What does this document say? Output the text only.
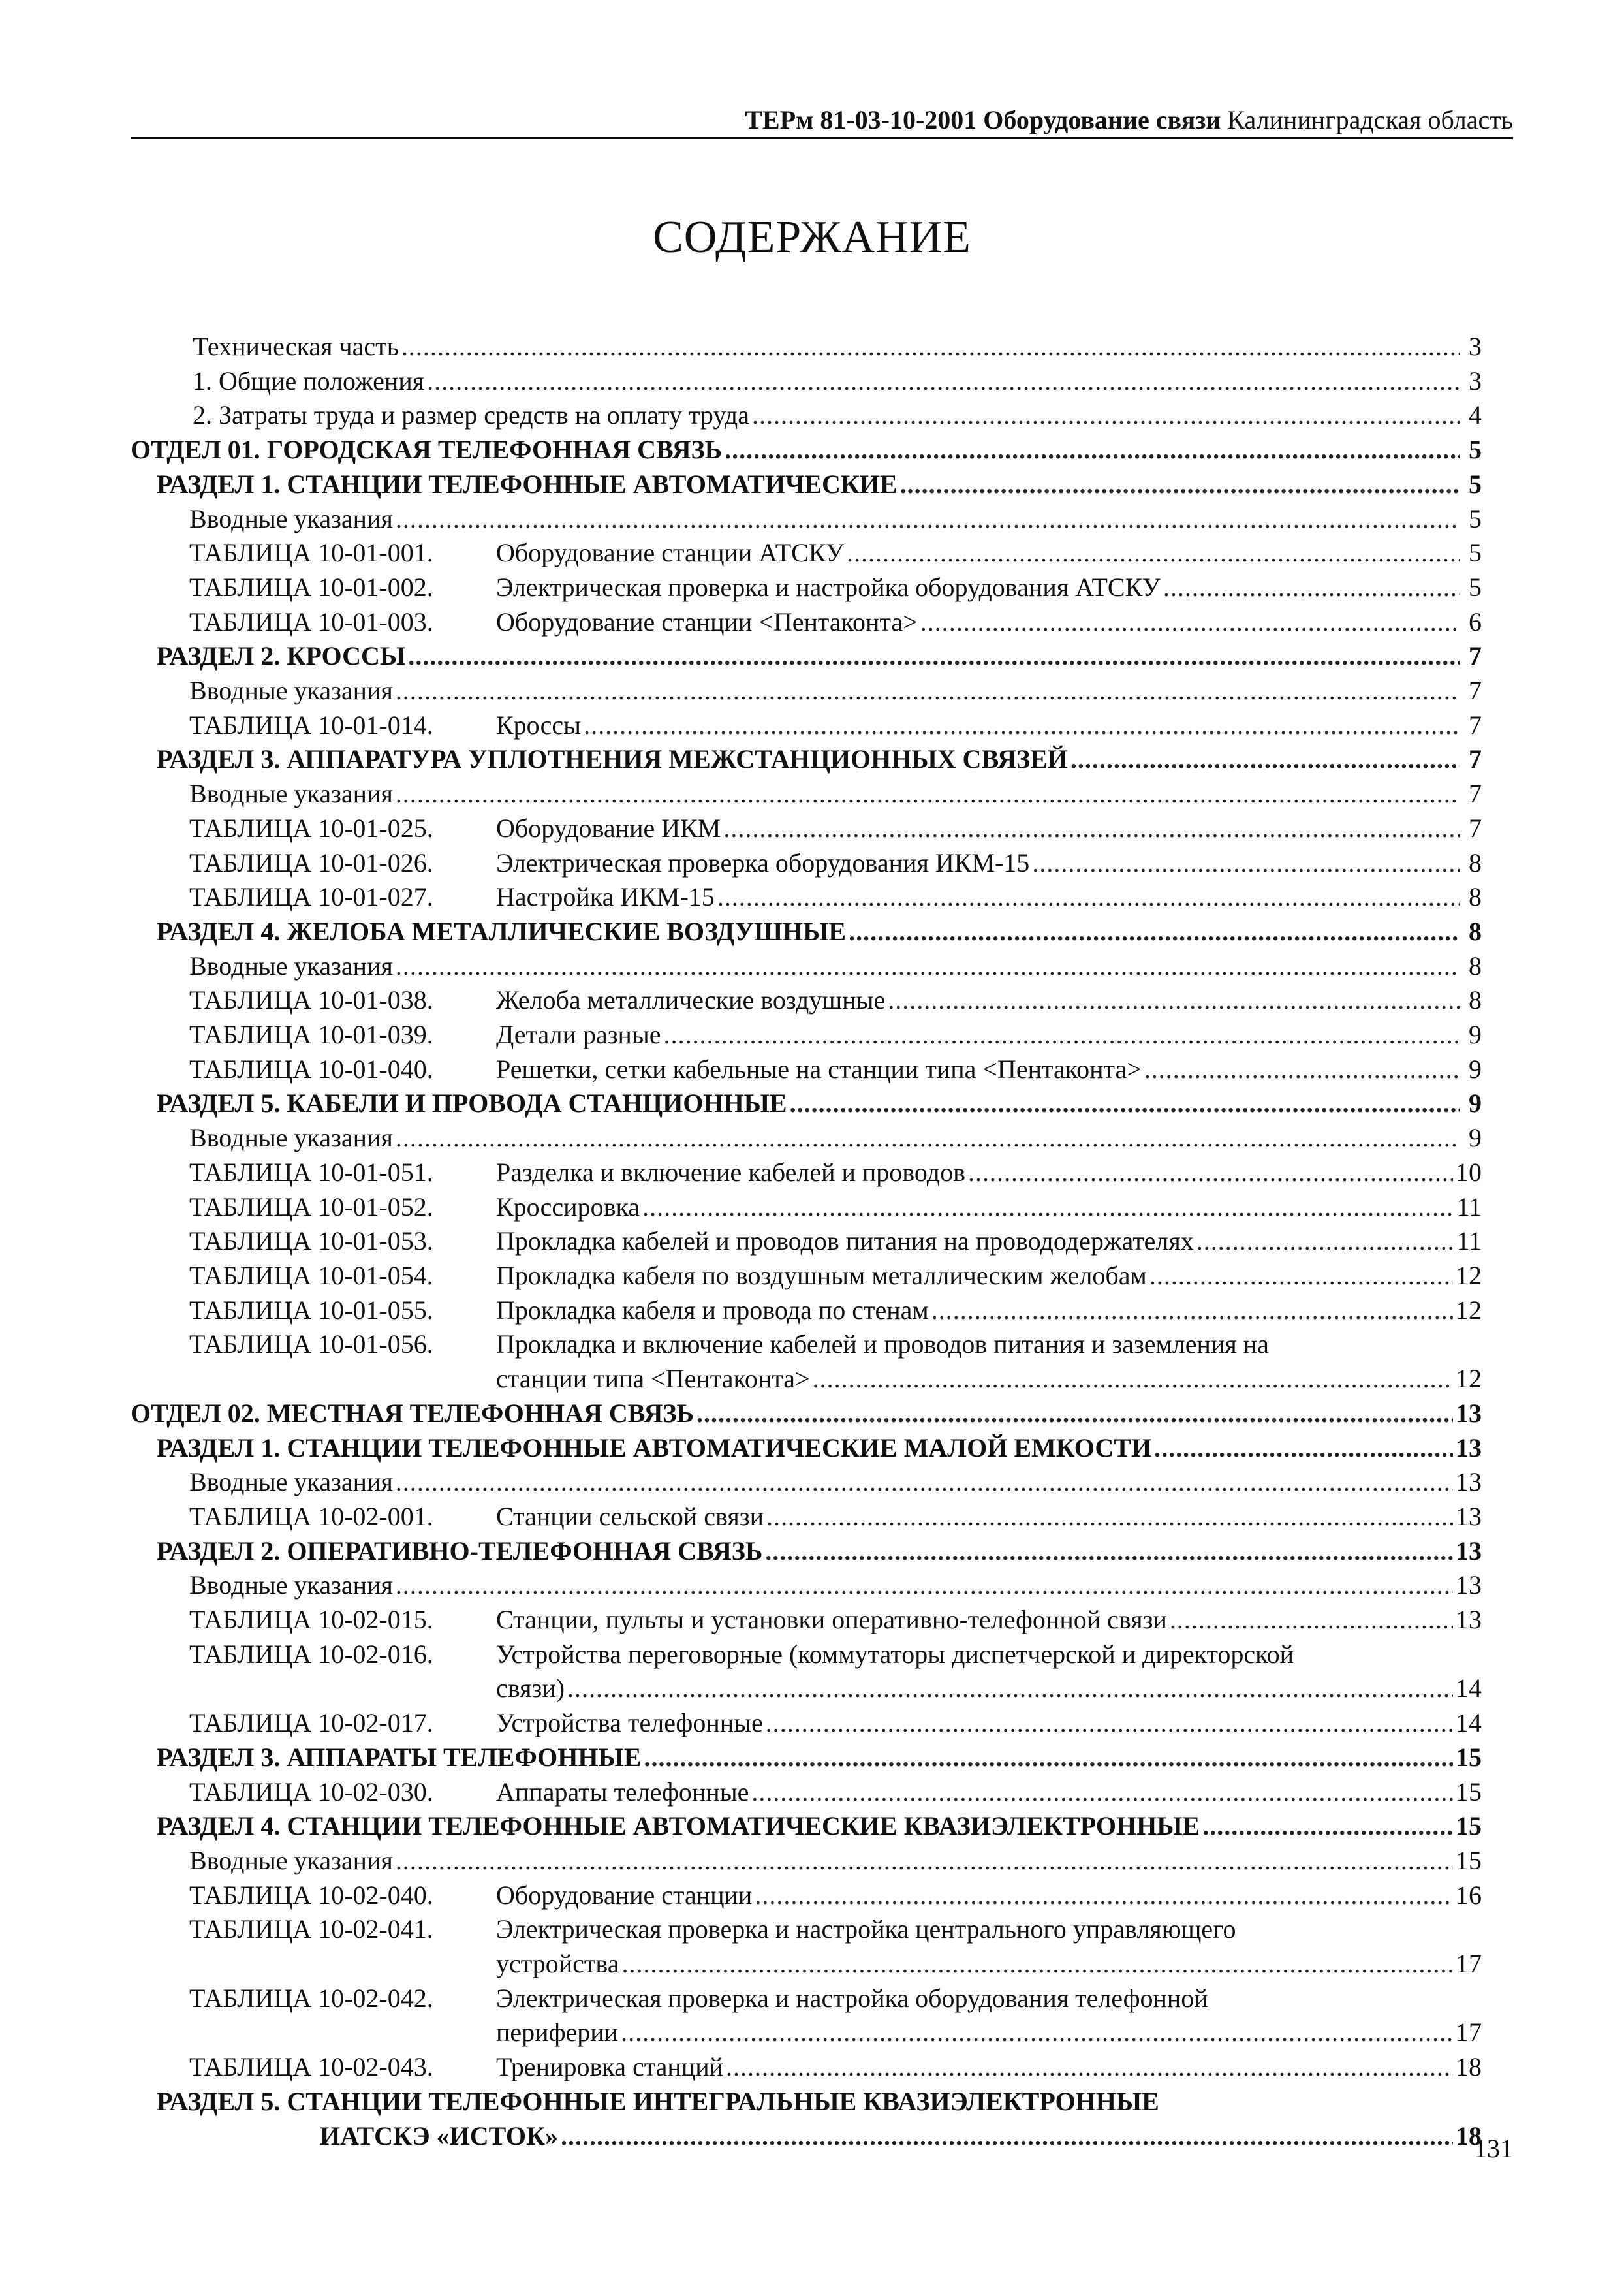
ТЕРм 81-03-10-2001 Оборудование связи Калининградская область
СОДЕРЖАНИЕ
Техническая часть .....	3
1. Общие положения .....	3
2. Затраты труда и размер средств на оплату труда .....	4
ОТДЕЛ 01. ГОРОДСКАЯ ТЕЛЕФОННАЯ СВЯЗЬ .....	5
РАЗДЕЛ 1. СТАНЦИИ ТЕЛЕФОННЫЕ АВТОМАТИЧЕСКИЕ .....	5
Вводные указания .....	5
ТАБЛИЦА 10-01-001.	Оборудование станции АТСКУ .....	5
ТАБЛИЦА 10-01-002.	Электрическая проверка и настройка оборудования АТСКУ .....	5
ТАБЛИЦА 10-01-003.	Оборудование станции <Пентаконта> .....	6
РАЗДЕЛ 2. КРОССЫ .....	7
Вводные указания .....	7
ТАБЛИЦА 10-01-014.	Кроссы .....	7
РАЗДЕЛ 3. АППАРАТУРА УПЛОТНЕНИЯ МЕЖСТАНЦИОННЫХ СВЯЗЕЙ .....	7
Вводные указания .....	7
ТАБЛИЦА 10-01-025.	Оборудование ИКМ .....	7
ТАБЛИЦА 10-01-026.	Электрическая проверка оборудования ИКМ-15 .....	8
ТАБЛИЦА 10-01-027.	Настройка ИКМ-15 .....	8
РАЗДЕЛ 4. ЖЕЛОБА МЕТАЛЛИЧЕСКИЕ ВОЗДУШНЫЕ .....	8
Вводные указания .....	8
ТАБЛИЦА 10-01-038.	Желоба металлические воздушные .....	8
ТАБЛИЦА 10-01-039.	Детали разные .....	9
ТАБЛИЦА 10-01-040.	Решетки, сетки кабельные на станции типа <Пентаконта> .....	9
РАЗДЕЛ 5. КАБЕЛИ И ПРОВОДА СТАНЦИОННЫЕ .....	9
Вводные указания .....	9
ТАБЛИЦА 10-01-051.	Разделка и включение кабелей и проводов .....	10
ТАБЛИЦА 10-01-052.	Кроссировка .....	11
ТАБЛИЦА 10-01-053.	Прокладка кабелей и проводов питания на провододержателях .....	11
ТАБЛИЦА 10-01-054.	Прокладка кабеля по воздушным металлическим желобам .....	12
ТАБЛИЦА 10-01-055.	Прокладка кабеля и провода по стенам .....	12
ТАБЛИЦА 10-01-056.	Прокладка и включение кабелей и проводов питания и заземления на
станции типа <Пентаконта> .....	12
ОТДЕЛ 02. МЕСТНАЯ ТЕЛЕФОННАЯ СВЯЗЬ .....	13
РАЗДЕЛ 1. СТАНЦИИ ТЕЛЕФОННЫЕ АВТОМАТИЧЕСКИЕ МАЛОЙ ЕМКОСТИ .....	13
Вводные указания .....	13
ТАБЛИЦА 10-02-001.	Станции сельской связи .....	13
РАЗДЕЛ 2. ОПЕРАТИВНО-ТЕЛЕФОННАЯ СВЯЗЬ .....	13
Вводные указания .....	13
ТАБЛИЦА 10-02-015.	Станции, пульты и установки оперативно-телефонной связи .....	13
ТАБЛИЦА 10-02-016.	Устройства переговорные (коммутаторы диспетчерской и директорской
связи) .....	14
ТАБЛИЦА 10-02-017.	Устройства телефонные .....	14
РАЗДЕЛ 3. АППАРАТЫ ТЕЛЕФОННЫЕ .....	15
ТАБЛИЦА 10-02-030.	Аппараты телефонные .....	15
РАЗДЕЛ 4. СТАНЦИИ ТЕЛЕФОННЫЕ АВТОМАТИЧЕСКИЕ КВАЗИЭЛЕКТРОННЫЕ .....	15
Вводные указания .....	15
ТАБЛИЦА 10-02-040.	Оборудование станции .....	16
ТАБЛИЦА 10-02-041.	Электрическая проверка и настройка центрального управляющего
устройства .....	17
ТАБЛИЦА 10-02-042.	Электрическая проверка и настройка оборудования телефонной
периферии .....	17
ТАБЛИЦА 10-02-043.	Тренировка станций .....	18
РАЗДЕЛ 5. СТАНЦИИ ТЕЛЕФОННЫЕ ИНТЕГРАЛЬНЫЕ КВАЗИЭЛЕКТРОННЫЕ
ИАТСКЭ «ИСТОК» .....	18
131
